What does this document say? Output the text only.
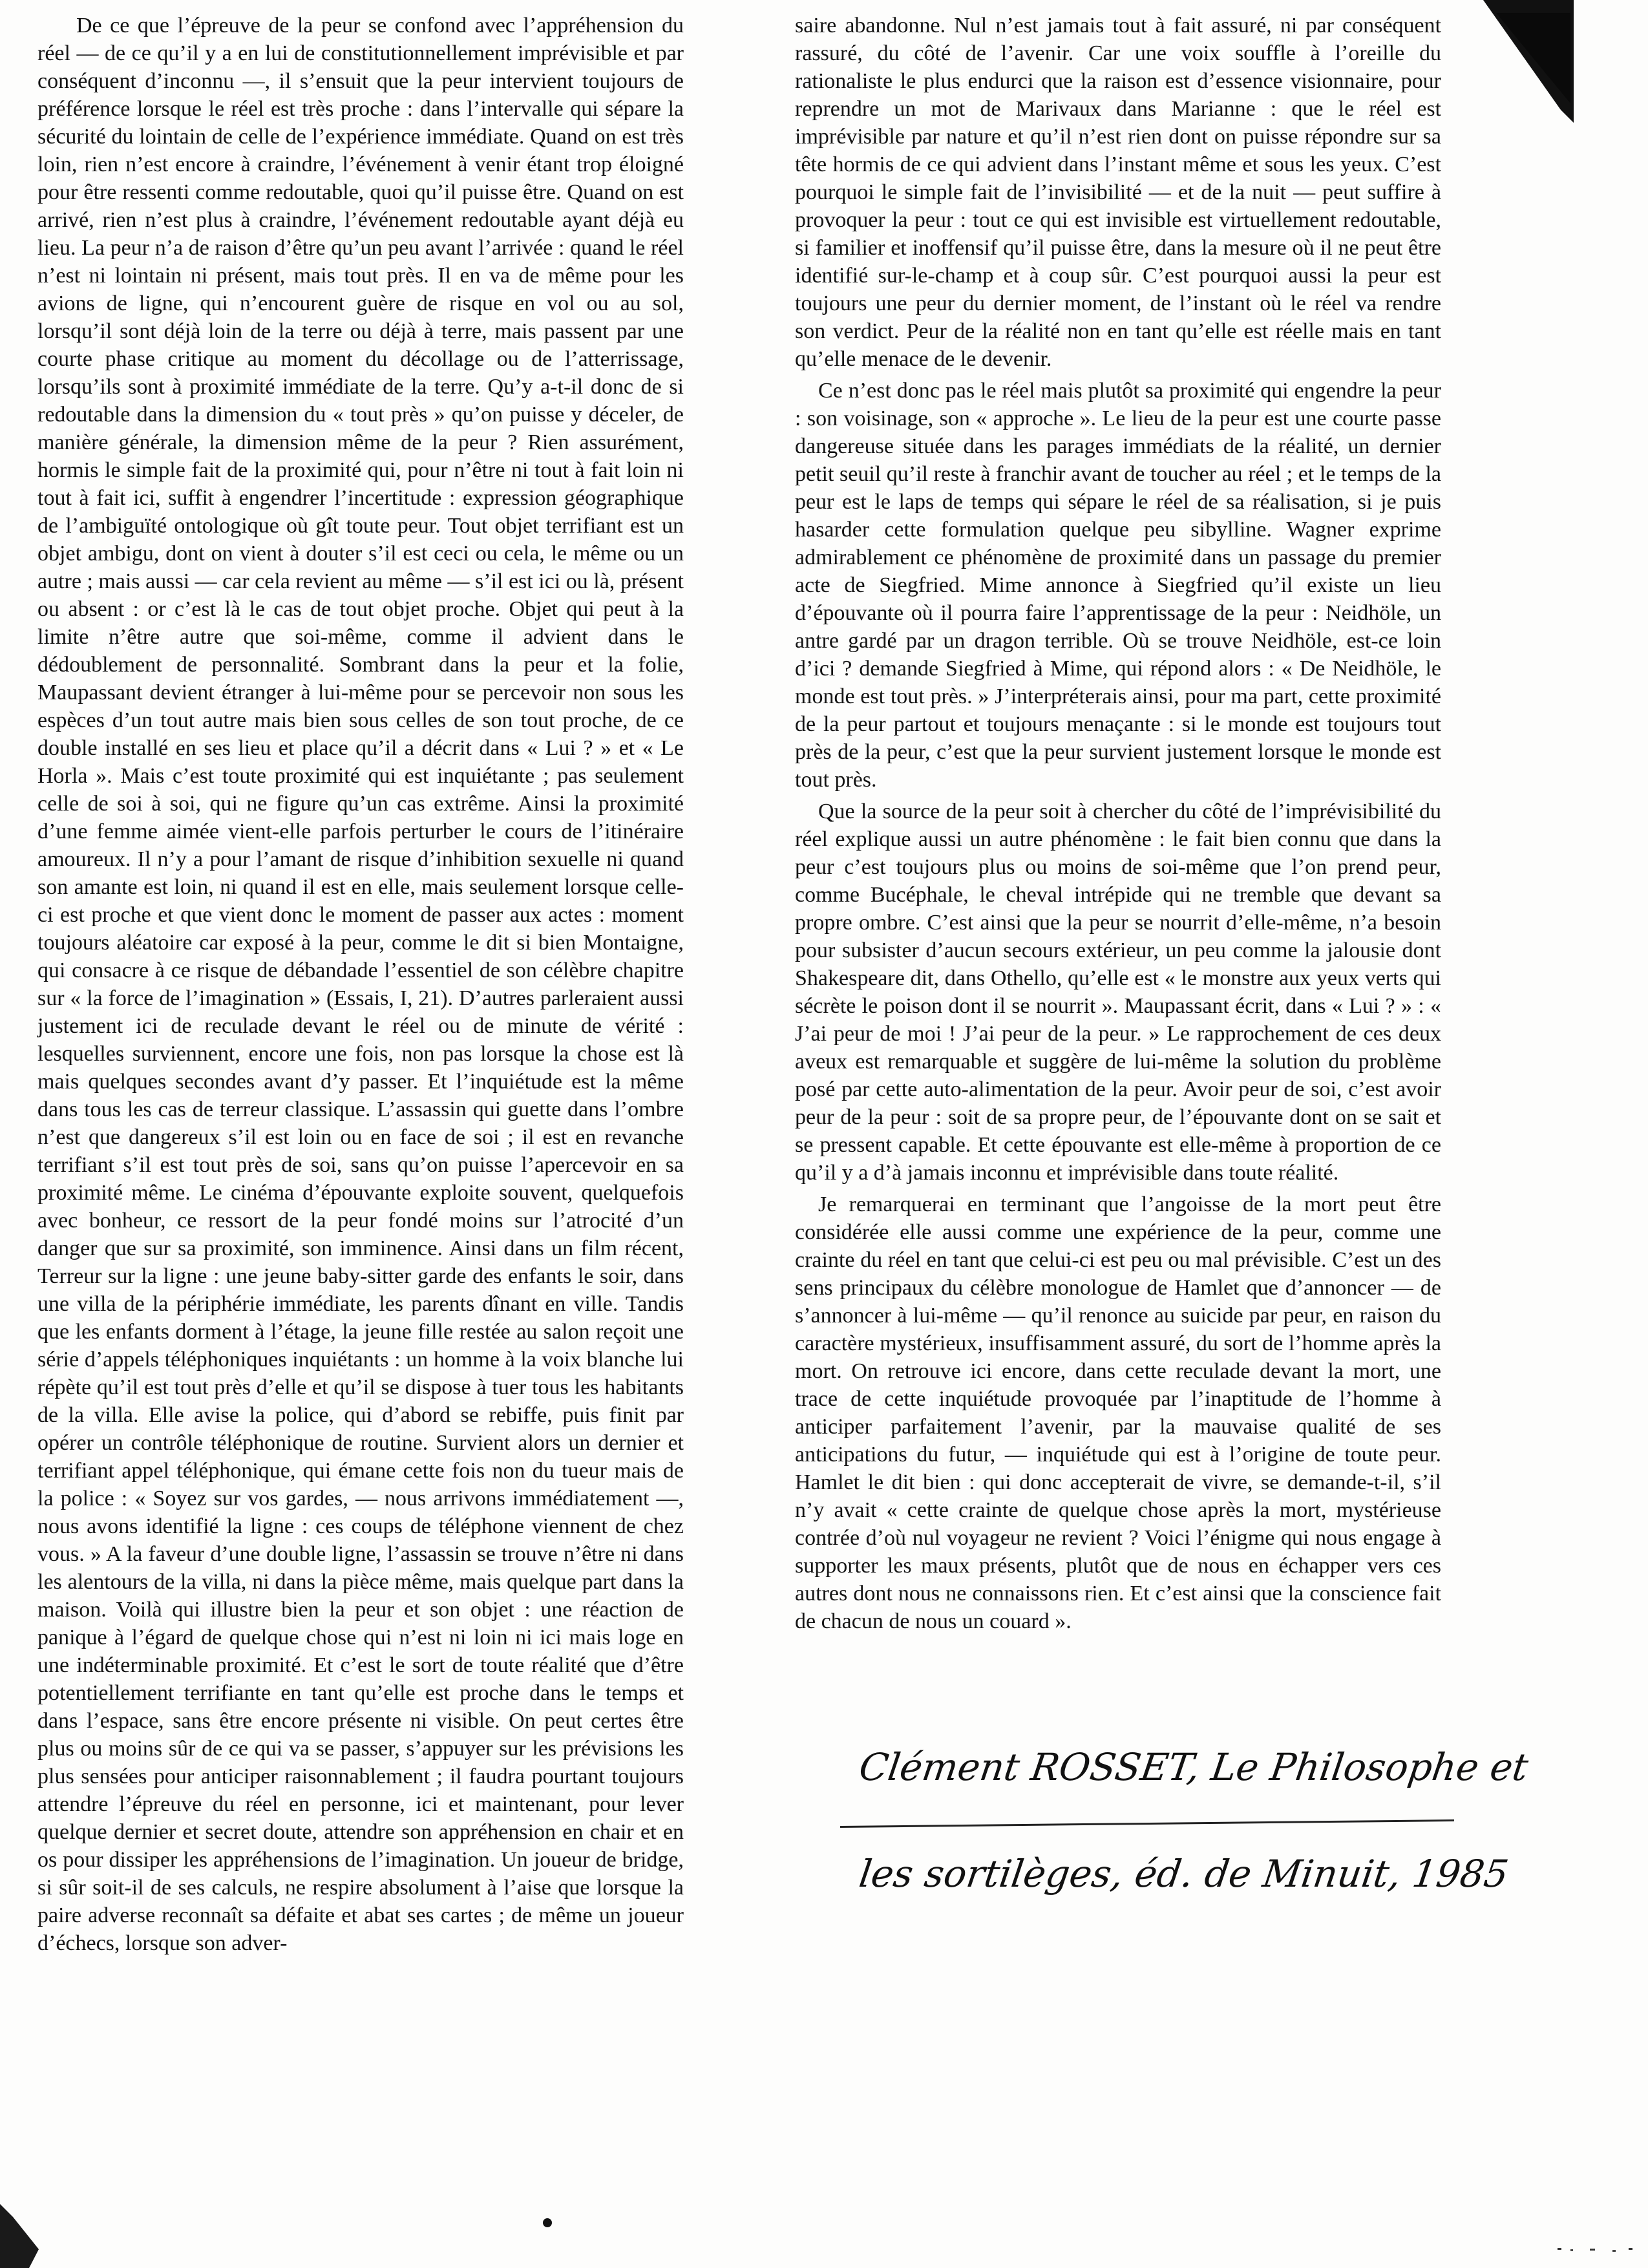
De ce que l’épreuve de la peur se confond avec l’appréhension du réel — de ce qu’il y a en lui de constitutionnellement imprévisible et par conséquent d’inconnu —, il s’ensuit que la peur intervient toujours de préférence lorsque le réel est très proche : dans l’intervalle qui sépare la sécurité du lointain de celle de l’expérience immédiate. Quand on est très loin, rien n’est encore à craindre, l’événement à venir étant trop éloigné pour être ressenti comme redoutable, quoi qu’il puisse être. Quand on est arrivé, rien n’est plus à craindre, l’événement redoutable ayant déjà eu lieu. La peur n’a de raison d’être qu’un peu avant l’arrivée : quand le réel n’est ni lointain ni présent, mais tout près. Il en va de même pour les avions de ligne, qui n’encourent guère de risque en vol ou au sol, lorsqu’il sont déjà loin de la terre ou déjà à terre, mais passent par une courte phase critique au moment du décollage ou de l’atterrissage, lorsqu’ils sont à proximité immédiate de la terre. Qu’y a-t-il donc de si redoutable dans la dimension du « tout près » qu’on puisse y déceler, de manière générale, la dimension même de la peur ? Rien assurément, hormis le simple fait de la proximité qui, pour n’être ni tout à fait loin ni tout à fait ici, suffit à engendrer l’incertitude : expression géographique de l’ambiguïté ontologique où gît toute peur. Tout objet terrifiant est un objet ambigu, dont on vient à douter s’il est ceci ou cela, le même ou un autre ; mais aussi — car cela revient au même — s’il est ici ou là, présent ou absent : or c’est là le cas de tout objet proche. Objet qui peut à la limite n’être autre que soi-même, comme il advient dans le dédoublement de personnalité. Sombrant dans la peur et la folie, Maupassant devient étranger à lui-même pour se percevoir non sous les espèces d’un tout autre mais bien sous celles de son tout proche, de ce double installé en ses lieu et place qu’il a décrit dans « Lui ? » et « Le Horla ». Mais c’est toute proximité qui est inquiétante ; pas seulement celle de soi à soi, qui ne figure qu’un cas extrême. Ainsi la proximité d’une femme aimée vient-elle parfois perturber le cours de l’itinéraire amoureux. Il n’y a pour l’amant de risque d’inhibition sexuelle ni quand son amante est loin, ni quand il est en elle, mais seulement lorsque celle-ci est proche et que vient donc le moment de passer aux actes : moment toujours aléatoire car exposé à la peur, comme le dit si bien Montaigne, qui consacre à ce risque de débandade l’essentiel de son célèbre chapitre sur « la force de l’imagination » (Essais, I, 21). D’autres parleraient aussi justement ici de reculade devant le réel ou de minute de vérité : lesquelles surviennent, encore une fois, non pas lorsque la chose est là mais quelques secondes avant d’y passer. Et l’inquiétude est la même dans tous les cas de terreur classique. L’assassin qui guette dans l’ombre n’est que dangereux s’il est loin ou en face de soi ; il est en revanche terrifiant s’il est tout près de soi, sans qu’on puisse l’apercevoir en sa proximité même. Le cinéma d’épouvante exploite souvent, quelquefois avec bonheur, ce ressort de la peur fondé moins sur l’atrocité d’un danger que sur sa proximité, son imminence. Ainsi dans un film récent, Terreur sur la ligne : une jeune baby-sitter garde des enfants le soir, dans une villa de la périphérie immédiate, les parents dînant en ville. Tandis que les enfants dorment à l’étage, la jeune fille restée au salon reçoit une série d’appels téléphoniques inquiétants : un homme à la voix blanche lui répète qu’il est tout près d’elle et qu’il se dispose à tuer tous les habitants de la villa. Elle avise la police, qui d’abord se rebiffe, puis finit par opérer un contrôle téléphonique de routine. Survient alors un dernier et terrifiant appel téléphonique, qui émane cette fois non du tueur mais de la police : « Soyez sur vos gardes, — nous arrivons immédiatement —, nous avons identifié la ligne : ces coups de téléphone viennent de chez vous. » A la faveur d’une double ligne, l’assassin se trouve n’être ni dans les alentours de la villa, ni dans la pièce même, mais quelque part dans la maison. Voilà qui illustre bien la peur et son objet : une réaction de panique à l’égard de quelque chose qui n’est ni loin ni ici mais loge en une indéterminable proximité. Et c’est le sort de toute réalité que d’être potentiellement terrifiante en tant qu’elle est proche dans le temps et dans l’espace, sans être encore présente ni visible. On peut certes être plus ou moins sûr de ce qui va se passer, s’appuyer sur les prévisions les plus sensées pour anticiper raisonnablement ; il faudra pourtant toujours attendre l’épreuve du réel en personne, ici et maintenant, pour lever quelque dernier et secret doute, attendre son appréhension en chair et en os pour dissiper les appréhensions de l’imagination. Un joueur de bridge, si sûr soit-il de ses calculs, ne respire absolument à l’aise que lorsque la paire adverse reconnaît sa défaite et abat ses cartes ; de même un joueur d’échecs, lorsque son adver-

saire abandonne. Nul n’est jamais tout à fait assuré, ni par conséquent rassuré, du côté de l’avenir. Car une voix souffle à l’oreille du rationaliste le plus endurci que la raison est d’essence visionnaire, pour reprendre un mot de Marivaux dans Marianne : que le réel est imprévisible par nature et qu’il n’est rien dont on puisse répondre sur sa tête hormis de ce qui advient dans l’instant même et sous les yeux. C’est pourquoi le simple fait de l’invisibilité — et de la nuit — peut suffire à provoquer la peur : tout ce qui est invisible est virtuellement redoutable, si familier et inoffensif qu’il puisse être, dans la mesure où il ne peut être identifié sur-le-champ et à coup sûr. C’est pourquoi aussi la peur est toujours une peur du dernier moment, de l’instant où le réel va rendre son verdict. Peur de la réalité non en tant qu’elle est réelle mais en tant qu’elle menace de le devenir.

Ce n’est donc pas le réel mais plutôt sa proximité qui engendre la peur : son voisinage, son « approche ». Le lieu de la peur est une courte passe dangereuse située dans les parages immédiats de la réalité, un dernier petit seuil qu’il reste à franchir avant de toucher au réel ; et le temps de la peur est le laps de temps qui sépare le réel de sa réalisation, si je puis hasarder cette formulation quelque peu sibylline. Wagner exprime admirablement ce phénomène de proximité dans un passage du premier acte de Siegfried. Mime annonce à Siegfried qu’il existe un lieu d’épouvante où il pourra faire l’apprentissage de la peur : Neidhöle, un antre gardé par un dragon terrible. Où se trouve Neidhöle, est-ce loin d’ici ? demande Siegfried à Mime, qui répond alors : « De Neidhöle, le monde est tout près. » J’interpréterais ainsi, pour ma part, cette proximité de la peur partout et toujours menaçante : si le monde est toujours tout près de la peur, c’est que la peur survient justement lorsque le monde est tout près.

Que la source de la peur soit à chercher du côté de l’imprévisibilité du réel explique aussi un autre phénomène : le fait bien connu que dans la peur c’est toujours plus ou moins de soi-même que l’on prend peur, comme Bucéphale, le cheval intrépide qui ne tremble que devant sa propre ombre. C’est ainsi que la peur se nourrit d’elle-même, n’a besoin pour subsister d’aucun secours extérieur, un peu comme la jalousie dont Shakespeare dit, dans Othello, qu’elle est « le monstre aux yeux verts qui sécrète le poison dont il se nourrit ». Maupassant écrit, dans « Lui ? » : « J’ai peur de moi ! J’ai peur de la peur. » Le rapprochement de ces deux aveux est remarquable et suggère de lui-même la solution du problème posé par cette auto-alimentation de la peur. Avoir peur de soi, c’est avoir peur de la peur : soit de sa propre peur, de l’épouvante dont on se sait et se pressent capable. Et cette épouvante est elle-même à proportion de ce qu’il y a d’à jamais inconnu et imprévisible dans toute réalité.

Je remarquerai en terminant que l’angoisse de la mort peut être considérée elle aussi comme une expérience de la peur, comme une crainte du réel en tant que celui-ci est peu ou mal prévisible. C’est un des sens principaux du célèbre monologue de Hamlet que d’annoncer — de s’annoncer à lui-même — qu’il renonce au suicide par peur, en raison du caractère mystérieux, insuffisamment assuré, du sort de l’homme après la mort. On retrouve ici encore, dans cette reculade devant la mort, une trace de cette inquiétude provoquée par l’inaptitude de l’homme à anticiper parfaitement l’avenir, par la mauvaise qualité de ses anticipations du futur, — inquiétude qui est à l’origine de toute peur. Hamlet le dit bien : qui donc accepterait de vivre, se demande-t-il, s’il n’y avait « cette crainte de quelque chose après la mort, mystérieuse contrée d’où nul voyageur ne revient ? Voici l’énigme qui nous engage à supporter les maux présents, plutôt que de nous en échapper vers ces autres dont nous ne connaissons rien. Et c’est ainsi que la conscience fait de chacun de nous un couard ».

Clément ROSSET, Le Philosophe et
les sortilèges, éd. de Minuit, 1985
